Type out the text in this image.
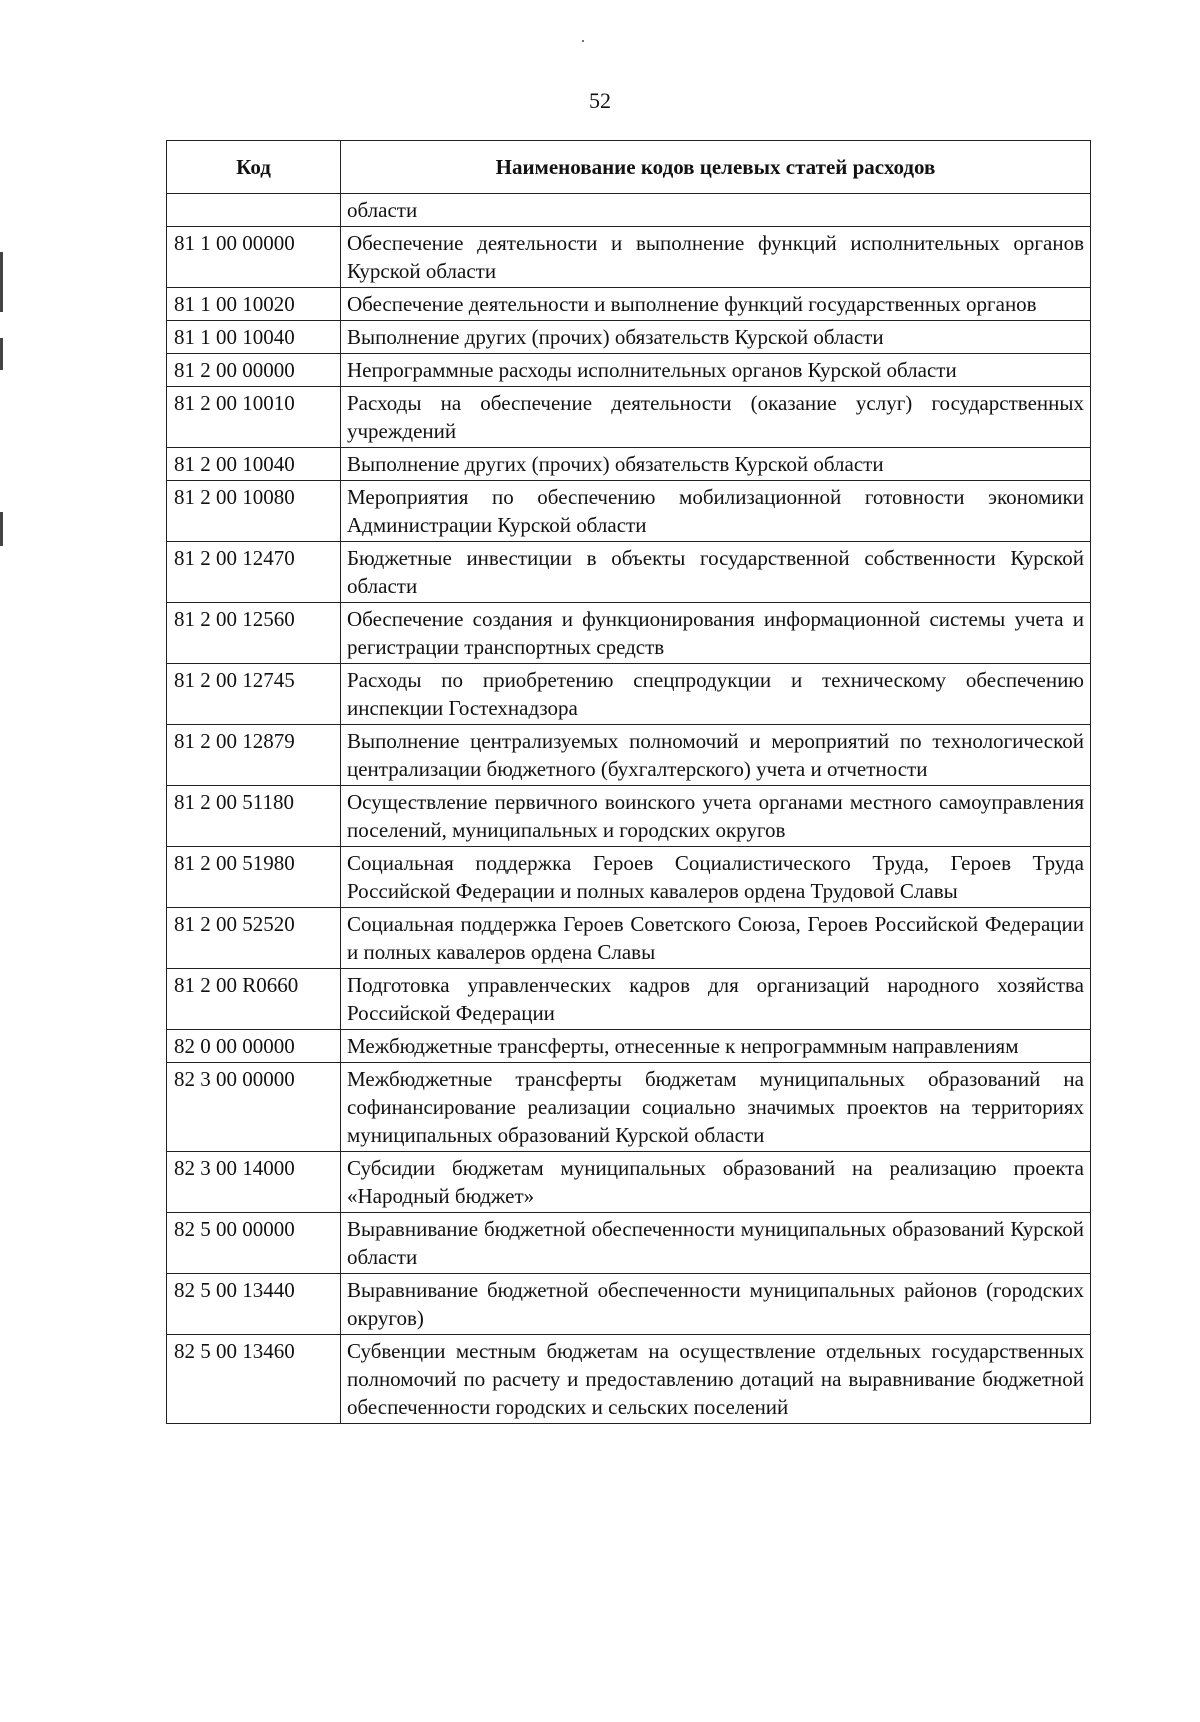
52
Код	Наименование кодов целевых статей расходов
	области
81 1 00 00000	Обеспечение деятельности и выполнение функций исполнительных органов Курской области
81 1 00 10020	Обеспечение деятельности и выполнение функций государственных органов
81 1 00 10040	Выполнение других (прочих) обязательств Курской области
81 2 00 00000	Непрограммные расходы исполнительных органов Курской области
81 2 00 10010	Расходы на обеспечение деятельности (оказание услуг) государственных учреждений
81 2 00 10040	Выполнение других (прочих) обязательств Курской области
81 2 00 10080	Мероприятия по обеспечению мобилизационной готовности экономики Администрации Курской области
81 2 00 12470	Бюджетные инвестиции в объекты государственной собственности Курской области
81 2 00 12560	Обеспечение создания и функционирования информационной системы учета и регистрации транспортных средств
81 2 00 12745	Расходы по приобретению спецпродукции и техническому обеспечению инспекции Гостехнадзора
81 2 00 12879	Выполнение централизуемых полномочий и мероприятий по технологической централизации бюджетного (бухгалтерского) учета и отчетности
81 2 00 51180	Осуществление первичного воинского учета органами местного самоуправления поселений, муниципальных и городских округов
81 2 00 51980	Социальная поддержка Героев Социалистического Труда, Героев Труда Российской Федерации и полных кавалеров ордена Трудовой Славы
81 2 00 52520	Социальная поддержка Героев Советского Союза, Героев Российской Федерации и полных кавалеров ордена Славы
81 2 00 R0660	Подготовка управленческих кадров для организаций народного хозяйства Российской Федерации
82 0 00 00000	Межбюджетные трансферты, отнесенные к непрограммным направлениям
82 3 00 00000	Межбюджетные трансферты бюджетам муниципальных образований на софинансирование реализации социально значимых проектов на территориях муниципальных образований Курской области
82 3 00 14000	Субсидии бюджетам муниципальных образований на реализацию проекта «Народный бюджет»
82 5 00 00000	Выравнивание бюджетной обеспеченности муниципальных образований Курской области
82 5 00 13440	Выравнивание бюджетной обеспеченности муниципальных районов (городских округов)
82 5 00 13460	Субвенции местным бюджетам на осуществление отдельных государственных полномочий по расчету и предоставлению дотаций на выравнивание бюджетной обеспеченности городских и сельских поселений
